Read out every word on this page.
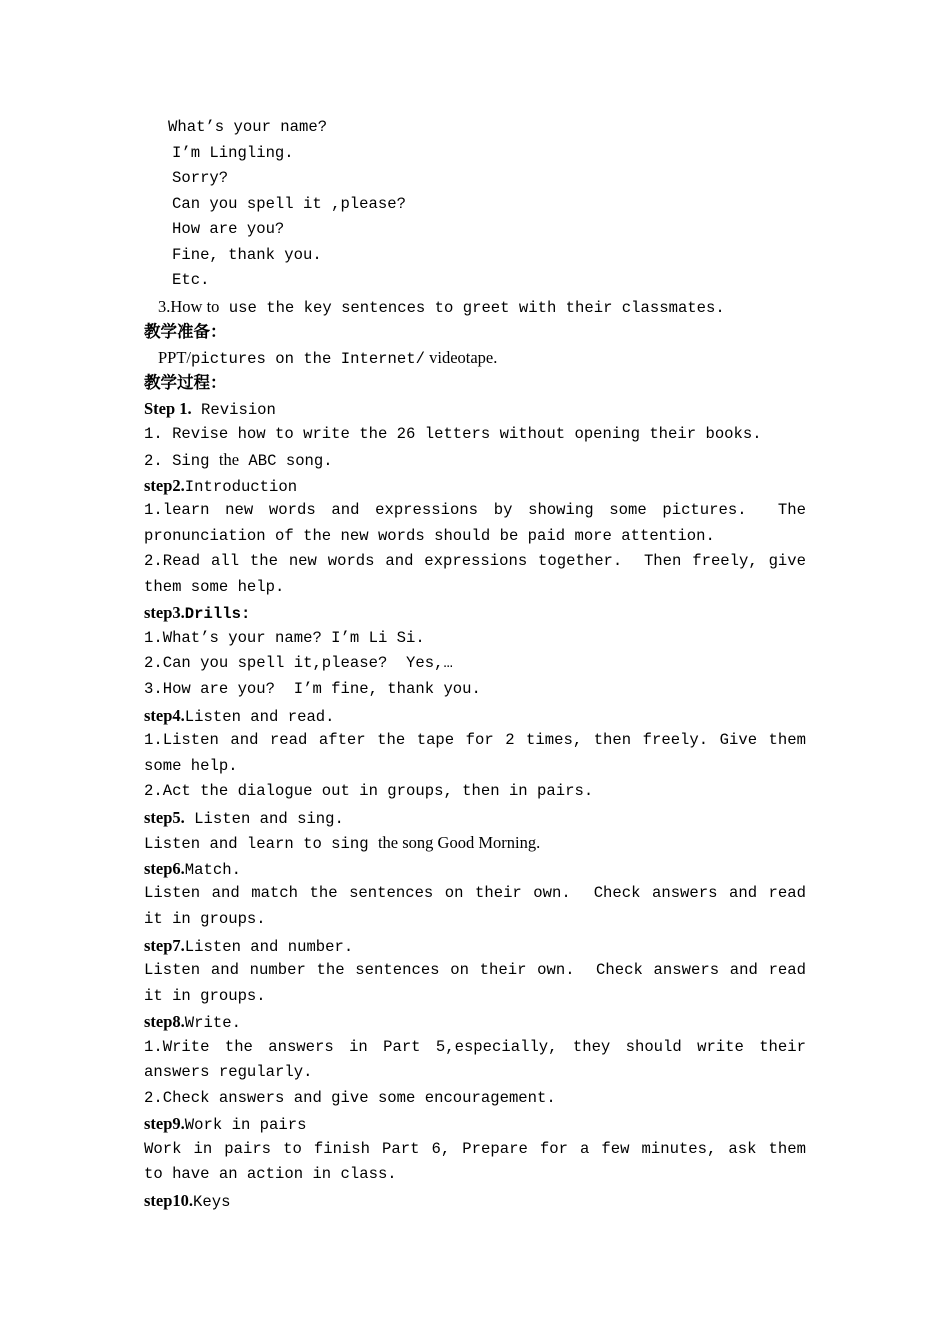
What’s your name?
I’m Lingling.
Sorry?
Can you spell it ,please?
How are you?
Fine, thank you.
Etc.
3.How to use the key sentences to greet with their classmates.
教学准备：
PPT/pictures on the Internet/ videotape.
教学过程：
Step 1. Revision
1. Revise how to write the 26 letters without opening their books.
2. Sing the ABC song.
step2.Introduction
1.learn new words and expressions by showing some pictures.  The
pronunciation of the new words should be paid more attention.
2.Read all the new words and expressions together.  Then freely, give
them some help.
step3.Drills:
1.What’s your name? I’m Li Si.
2.Can you spell it,please?  Yes,…
3.How are you?  I’m fine, thank you.
step4.Listen and read.
1.Listen and read after the tape for 2 times, then freely. Give them
some help.
2.Act the dialogue out in groups, then in pairs.
step5. Listen and sing.
Listen and learn to sing the song Good Morning.
step6.Match.
Listen and match the sentences on their own.  Check answers and read
it in groups.
step7.Listen and number.
Listen and number the sentences on their own.  Check answers and read
it in groups.
step8.Write.
1.Write the answers in Part 5,especially, they should write their
answers regularly.
2.Check answers and give some encouragement.
step9.Work in pairs
Work in pairs to finish Part 6, Prepare for a few minutes, ask them
to have an action in class.
step10.Keys
